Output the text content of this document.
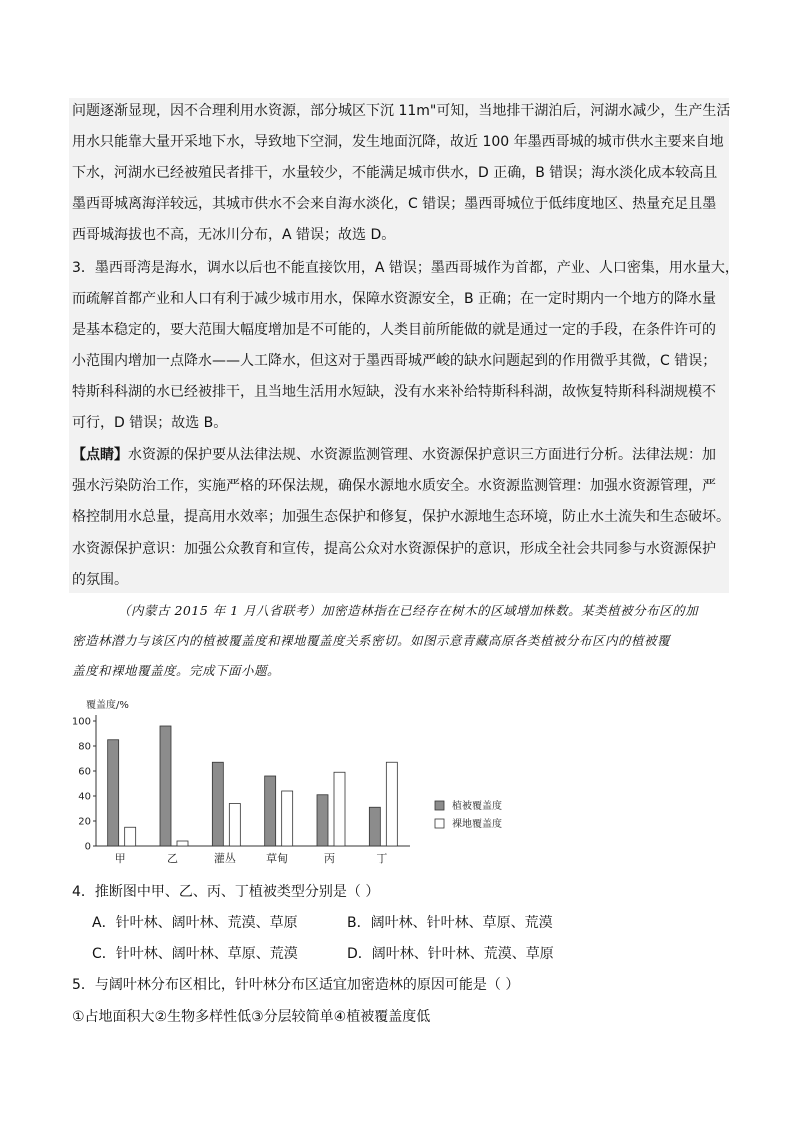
问题逐渐显现，因不合理利用水资源，部分城区下沉 11m"可知，当地排干湖泊后，河湖水减少，生产生活
用水只能靠大量开采地下水，导致地下空洞，发生地面沉降，故近 100 年墨西哥城的城市供水主要来自地
下水，河湖水已经被殖民者排干，水量较少，不能满足城市供水，D 正确，B 错误；海水淡化成本较高且
墨西哥城离海洋较远，其城市供水不会来自海水淡化，C 错误；墨西哥城位于低纬度地区、热量充足且墨
西哥城海拔也不高，无冰川分布，A 错误；故选 D。
3．墨西哥湾是海水，调水以后也不能直接饮用，A 错误；墨西哥城作为首都，产业、人口密集，用水量大，
而疏解首都产业和人口有利于减少城市用水，保障水资源安全，B 正确；在一定时期内一个地方的降水量
是基本稳定的，要大范围大幅度增加是不可能的，人类目前所能做的就是通过一定的手段，在条件许可的
小范围内增加一点降水——人工降水，但这对于墨西哥城严峻的缺水问题起到的作用微乎其微，C 错误；
特斯科科湖的水已经被排干，且当地生活用水短缺，没有水来补给特斯科科湖，故恢复特斯科科湖规模不
可行，D 错误；故选 B。
【点睛】水资源的保护要从法律法规、水资源监测管理、水资源保护意识三方面进行分析。法律法规：加
强水污染防治工作，实施严格的环保法规，确保水源地水质安全。水资源监测管理：加强水资源管理，严
格控制用水总量，提高用水效率；加强生态保护和修复，保护水源地生态环境，防止水土流失和生态破坏。
水资源保护意识：加强公众教育和宣传，提高公众对水资源保护的意识，形成全社会共同参与水资源保护
的氛围。
（内蒙古 2015 年 1 月八省联考）加密造林指在已经存在树木的区域增加株数。某类植被分布区的加
密造林潜力与该区内的植被覆盖度和裸地覆盖度关系密切。如图示意青藏高原各类植被分布区内的植被覆
盖度和裸地覆盖度。完成下面小题。
覆盖度/%
0
20
40
60
80
100
甲	乙	灌丛	草甸	丙	丁
植被覆盖度
裸地覆盖度
4．推断图中甲、乙、丙、丁植被类型分别是（ ）
A．针叶林、阔叶林、荒漠、草原	B．阔叶林、针叶林、草原、荒漠
C．针叶林、阔叶林、草原、荒漠	D．阔叶林、针叶林、荒漠、草原
5．与阔叶林分布区相比，针叶林分布区适宜加密造林的原因可能是（ ）
①占地面积大②生物多样性低③分层较简单④植被覆盖度低
